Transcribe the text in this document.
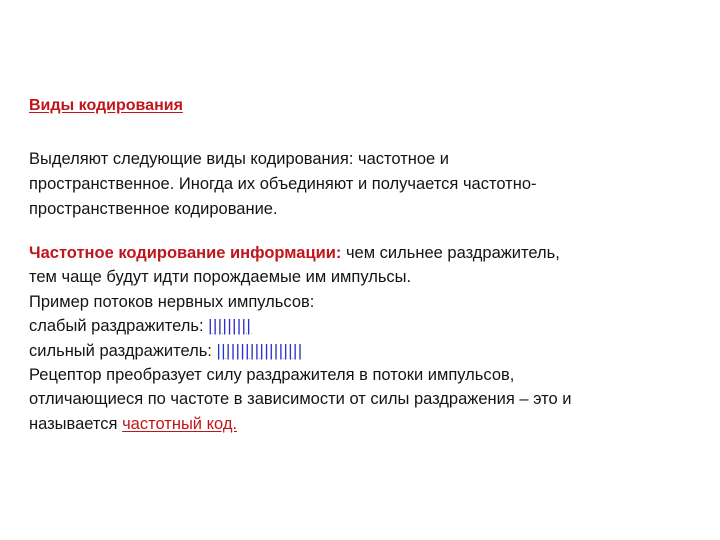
Виды кодирования
Выделяют следующие виды кодирования: частотное и
пространственное. Иногда их объединяют и получается частотно-
пространственное кодирование.
Частотное кодирование информации: чем сильнее раздражитель,
тем чаще будут идти порождаемые им импульсы.
Пример потоков нервных импульсов:
слабый раздражитель: |||||||||
сильный раздражитель: ||||||||||||||||||
Рецептор преобразует силу раздражителя в потоки импульсов,
отличающиеся по частоте в зависимости от силы раздражения – это и
называется частотный код.
